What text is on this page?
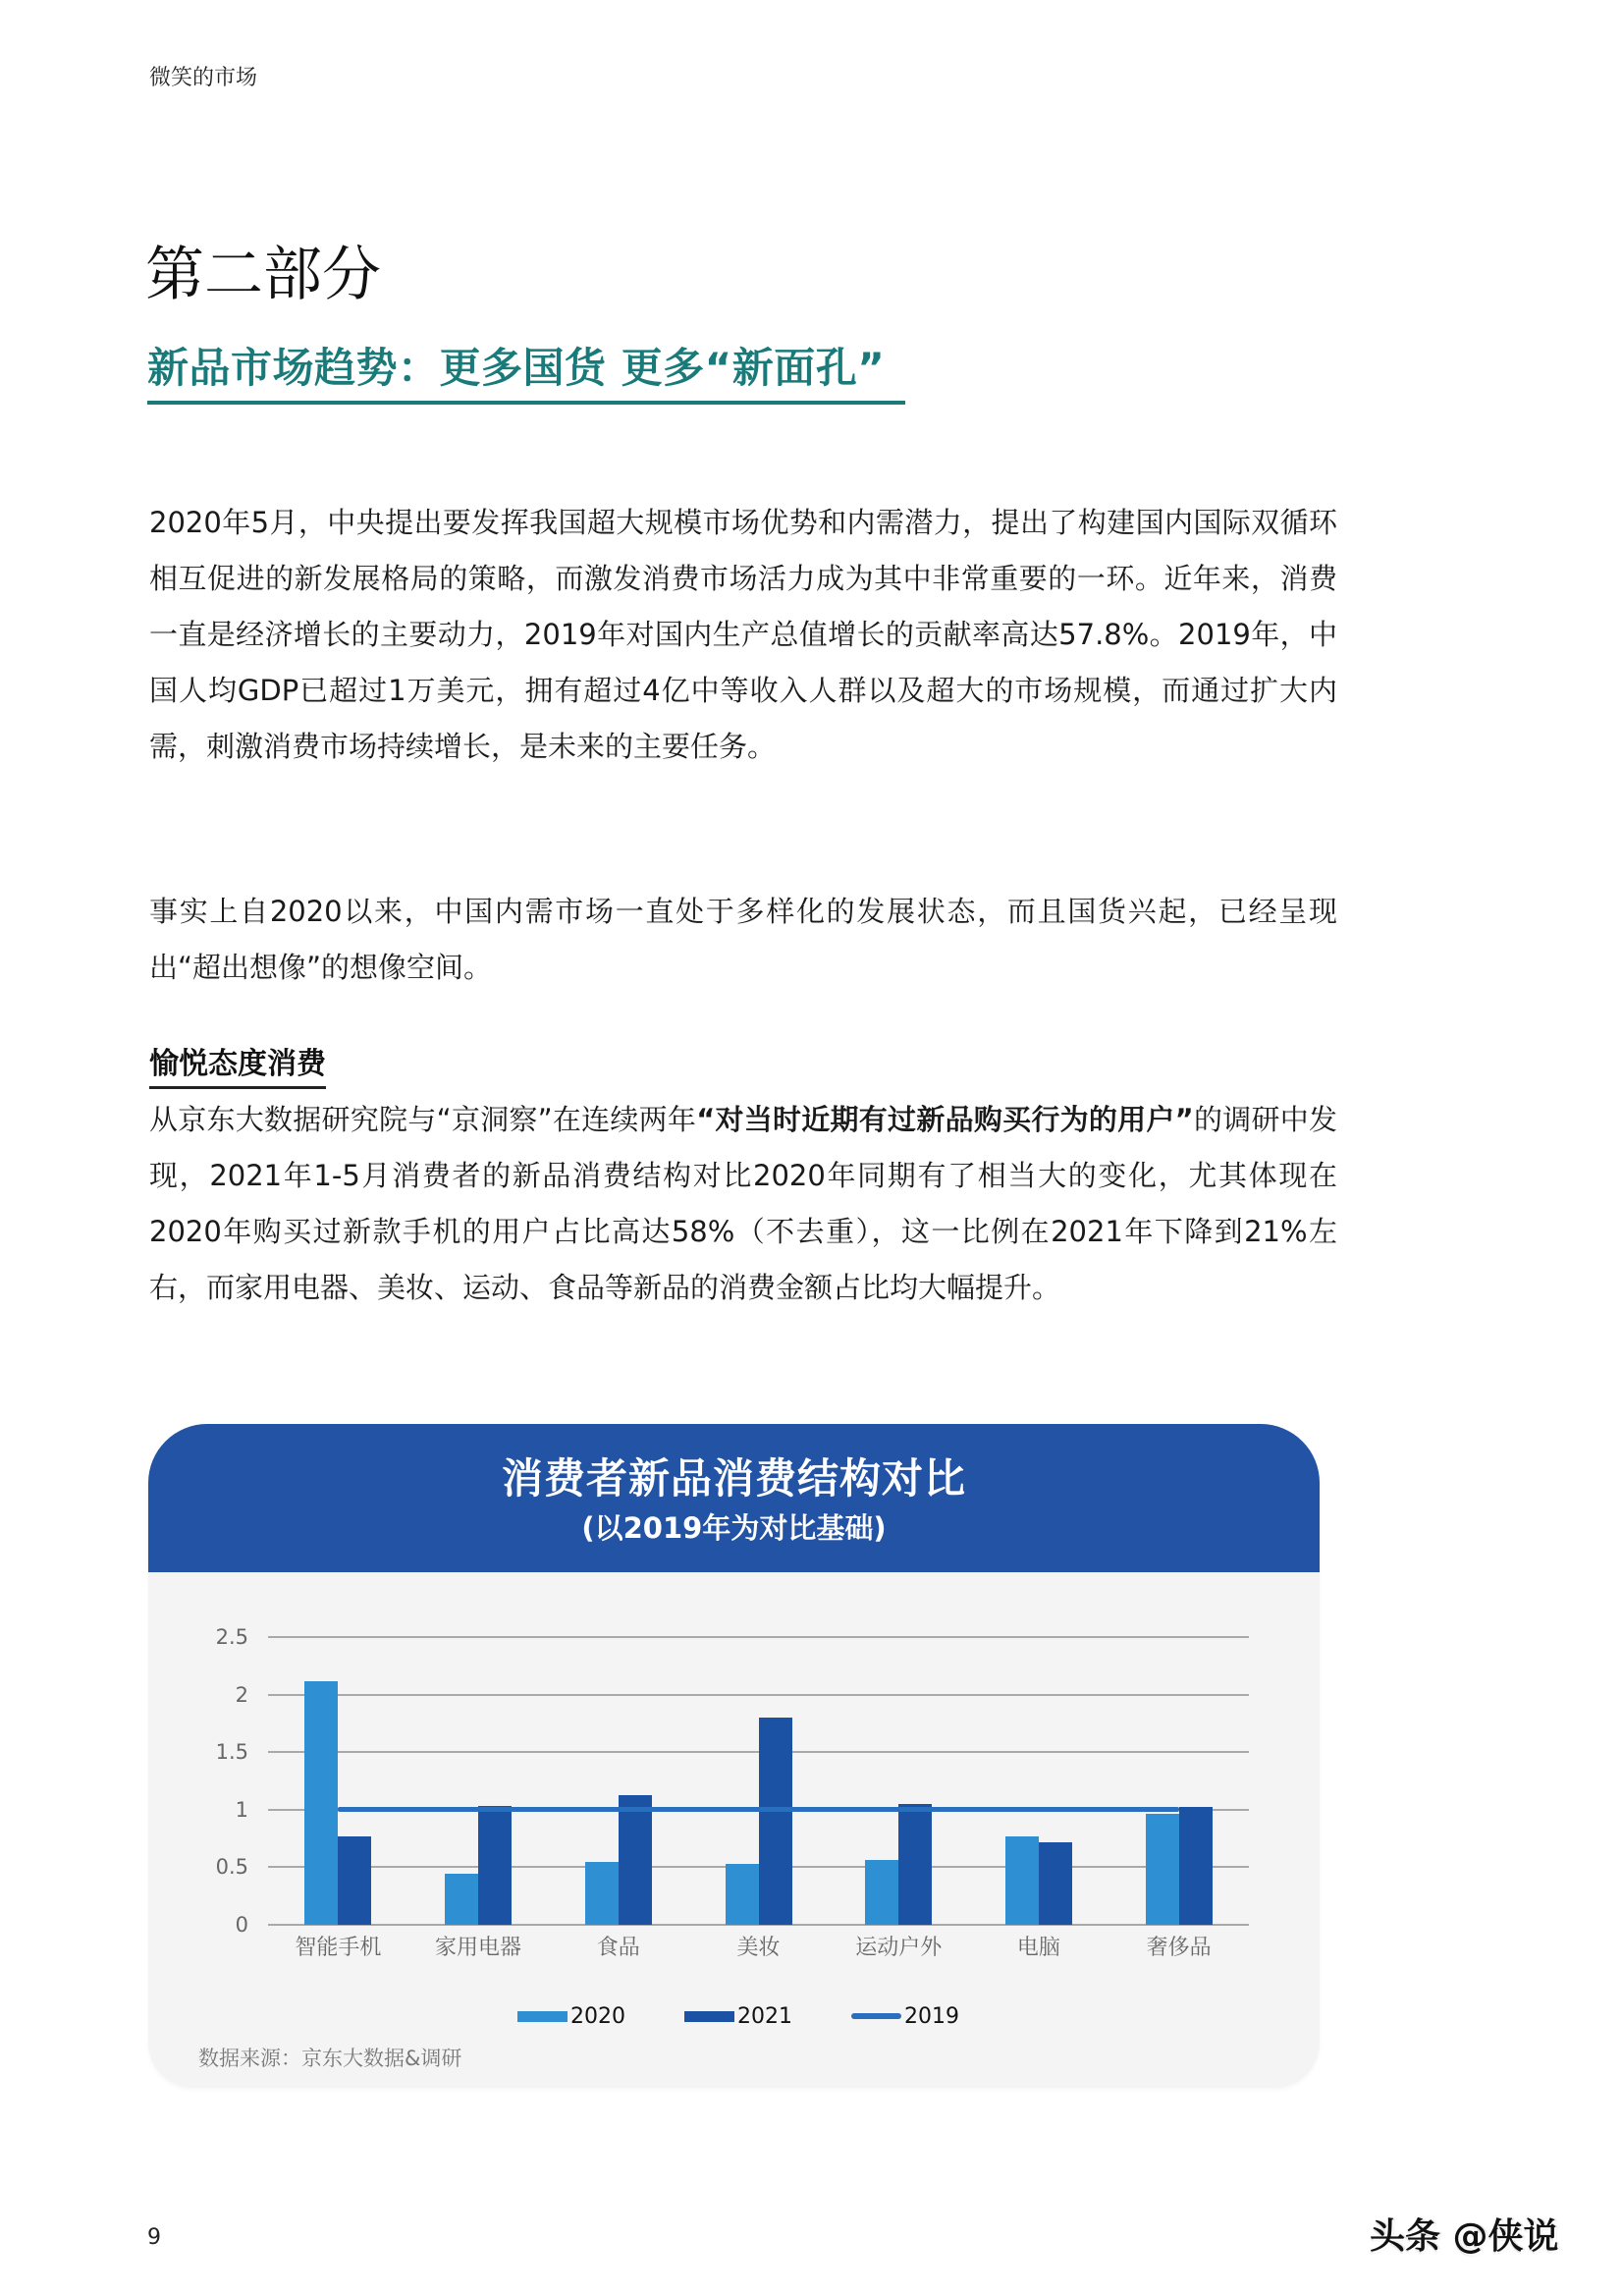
微笑的市场
第二部分
新品市场趋势：更多国货 更多“新面孔”

2020年5月，中央提出要发挥我国超大规模市场优势和内需潜力，提出了构建国内国际双循环相互促进的新发展格局的策略，而激发消费市场活力成为其中非常重要的一环。近年来，消费一直是经济增长的主要动力，2019年对国内生产总值增长的贡献率高达57.8%。2019年，中国人均GDP已超过1万美元，拥有超过4亿中等收入人群以及超大的市场规模，而通过扩大内需，刺激消费市场持续增长，是未来的主要任务。

事实上自2020以来，中国内需市场一直处于多样化的发展状态，而且国货兴起，已经呈现出“超出想像”的想像空间。

愉悦态度消费

从京东大数据研究院与“京洞察”在连续两年“对当时近期有过新品购买行为的用户”的调研中发现，2021年1-5月消费者的新品消费结构对比2020年同期有了相当大的变化，尤其体现在2020年购买过新款手机的用户占比高达58%（不去重），这一比例在2021年下降到21%左右，而家用电器、美妆、运动、食品等新品的消费金额占比均大幅提升。

消费者新品消费结构对比
(以2019年为对比基础)
0
0.5
1
1.5
2
2.5
智能手机	家用电器	食品	美妆	运动户外	电脑	奢侈品
2020	2021	2019
数据来源：京东大数据&调研
9	头条 @侠说
